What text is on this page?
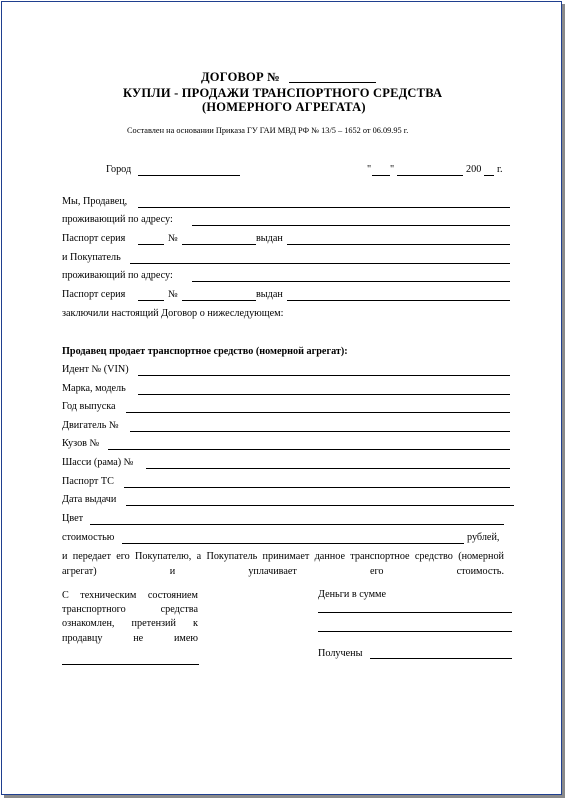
ДОГОВОР №
КУПЛИ - ПРОДАЖИ ТРАНСПОРТНОГО СРЕДСТВА
(НОМЕРНОГО АГРЕГАТА)
Составлен на основании Приказа ГУ ГАИ МВД РФ № 13/5 – 1652 от 06.09.95 г.
Город	" "	200 г.
Мы, Продавец,
проживающий по адресу:
Паспорт серия	№	выдан
и Покупатель
проживающий по адресу:
Паспорт серия	№	выдан
заключили настоящий Договор о нижеследующем:
Продавец продает транспортное средство (номерной агрегат):
Идент № (VIN)
Марка, модель
Год выпуска
Двигатель №
Кузов №
Шасси (рама) №
Паспорт ТС
Дата выдачи
Цвет
стоимостью	рублей,
и передает его Покупателю, а Покупатель принимает данное транспортное средство (номерной агрегат) и уплачивает его стоимость.
С техническим состоянием транспортного средства ознакомлен, претензий к продавцу не имею
Деньги в сумме
Получены
